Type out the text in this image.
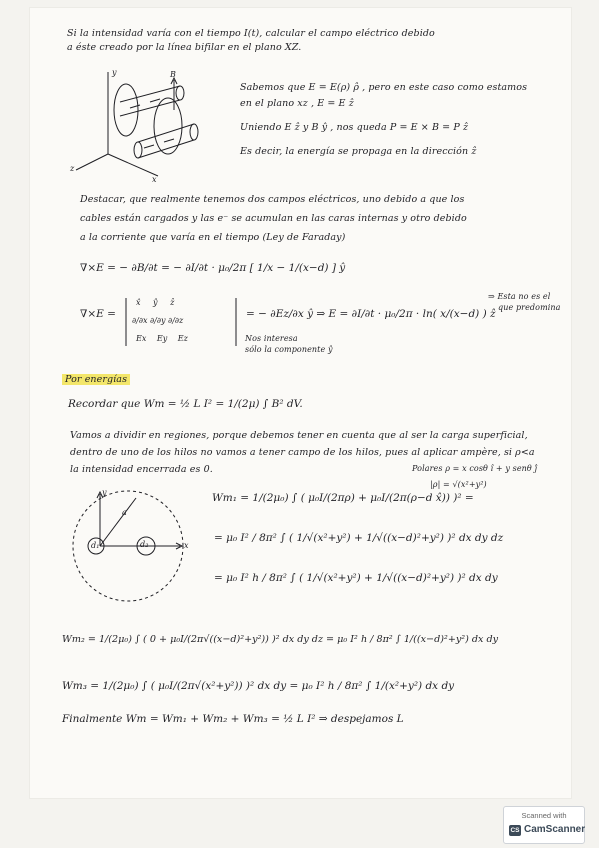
Si la intensidad varía con el tiempo I(t), calcular el campo eléctrico debido
a éste creado por la línea bifilar en el plano XZ.
y	B
z
x
Sabemos que E = E(ρ) ρ̂ , pero en este caso como estamos
en el plano xz , E = E ẑ
Uniendo E ẑ y B ŷ , nos queda P = E × B = P ẑ
Es decir, la energía se propaga en la dirección ẑ
Destacar, que realmente tenemos dos campos eléctricos, uno debido a que los
cables están cargados y las e⁻ se acumulan en las caras internas y otro debido
a la corriente que varía en el tiempo (Ley de Faraday)
∇×E = − ∂B/∂t = − ∂I/∂t · μ₀/2π [ 1/x − 1/(x−d) ] ŷ
∇×E =
x̂ ŷ ẑ
∂/∂x ∂/∂y ∂/∂z
Ex Ey Ez
= − ∂Ez/∂x ŷ ⇒ E = ∂I/∂t · μ₀/2π · ln( x/(x−d) ) ẑ
Nos interesa
sólo la componente ŷ
⇒ Esta no es el
que predomina
Por energías
Recordar que Wm = ½ L I² = 1/(2μ) ∫ B² dV.
Vamos a dividir en regiones, porque debemos tener en cuenta que al ser la carga superficial,
dentro de uno de los hilos no vamos a tener campo de los hilos, pues al aplicar ampère, si ρ<a
la intensidad encerrada es 0.	Polares ρ = x cosθ î + y senθ ĵ
|ρ| = √(x²+y²)
y
a
d₁	d₂	x
Wm₁ = 1/(2μ₀) ∫ ( μ₀I/(2πρ) + μ₀I/(2π(ρ−d x̂)) )² =
= μ₀ I² / 8π² ∫ ( 1/√(x²+y²) + 1/√((x−d)²+y²) )² dx dy dz
= μ₀ I² h / 8π² ∫ ( 1/√(x²+y²) + 1/√((x−d)²+y²) )² dx dy
Wm₂ = 1/(2μ₀) ∫ ( 0 + μ₀I/(2π√((x−d)²+y²)) )² dx dy dz = μ₀ I² h / 8π² ∫ 1/((x−d)²+y²) dx dy
Wm₃ = 1/(2μ₀) ∫ ( μ₀I/(2π√(x²+y²)) )² dx dy = μ₀ I² h / 8π² ∫ 1/(x²+y²) dx dy
Finalmente Wm = Wm₁ + Wm₂ + Wm₃ = ½ L I² ⇒ despejamos L
Scanned with
CS CamScanner
